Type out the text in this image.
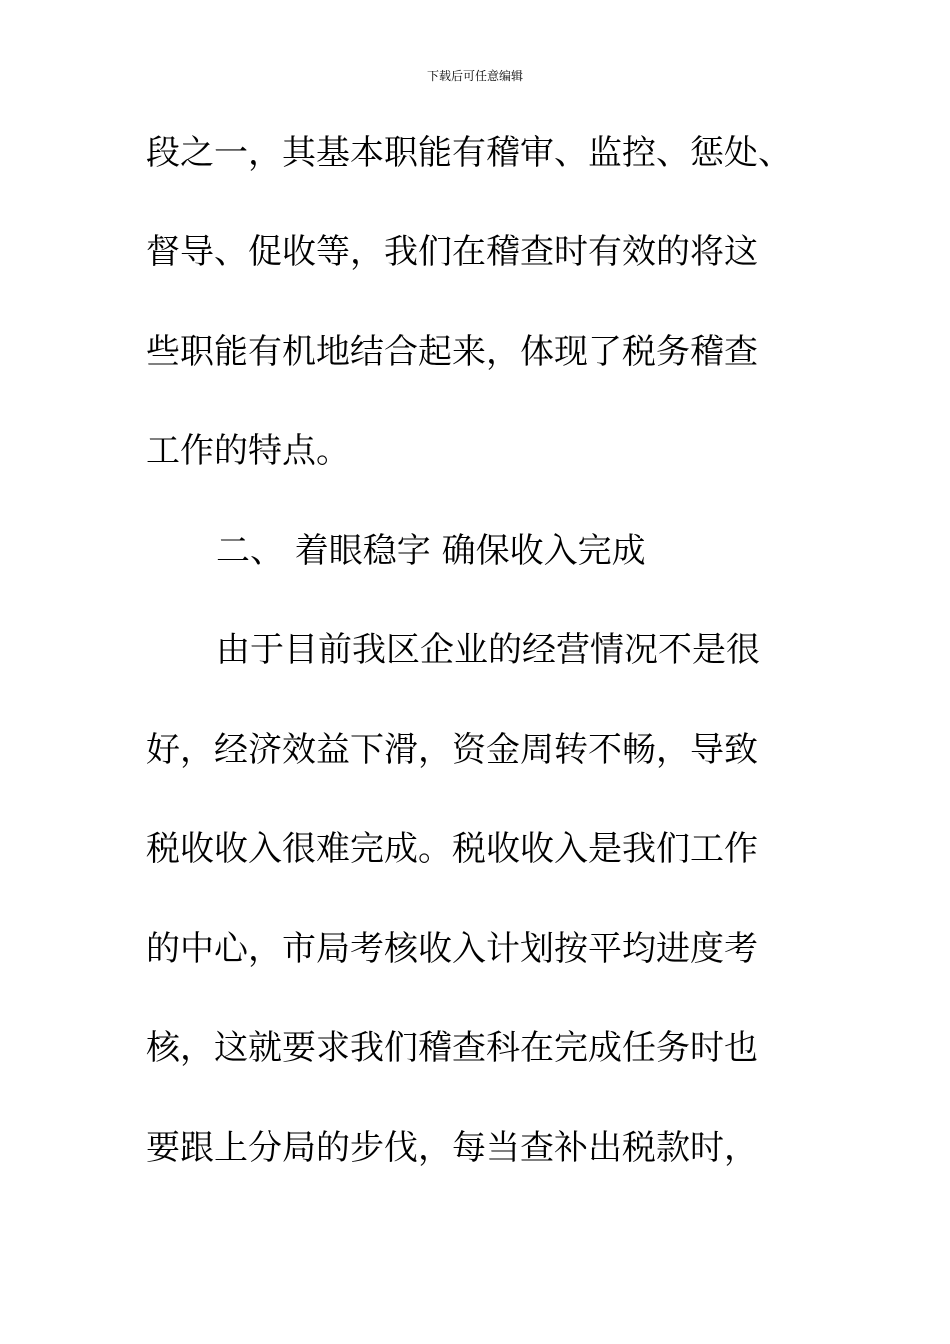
下载后可任意编辑
段之一，其基本职能有稽审、监控、惩处、
督导、促收等，我们在稽查时有效的将这
些职能有机地结合起来，体现了税务稽查
工作的特点。
二、 着眼稳字 确保收入完成
由于目前我区企业的经营情况不是很
好，经济效益下滑，资金周转不畅，导致
税收收入很难完成。税收收入是我们工作
的中心，市局考核收入计划按平均进度考
核，这就要求我们稽查科在完成任务时也
要跟上分局的步伐，每当查补出税款时，
